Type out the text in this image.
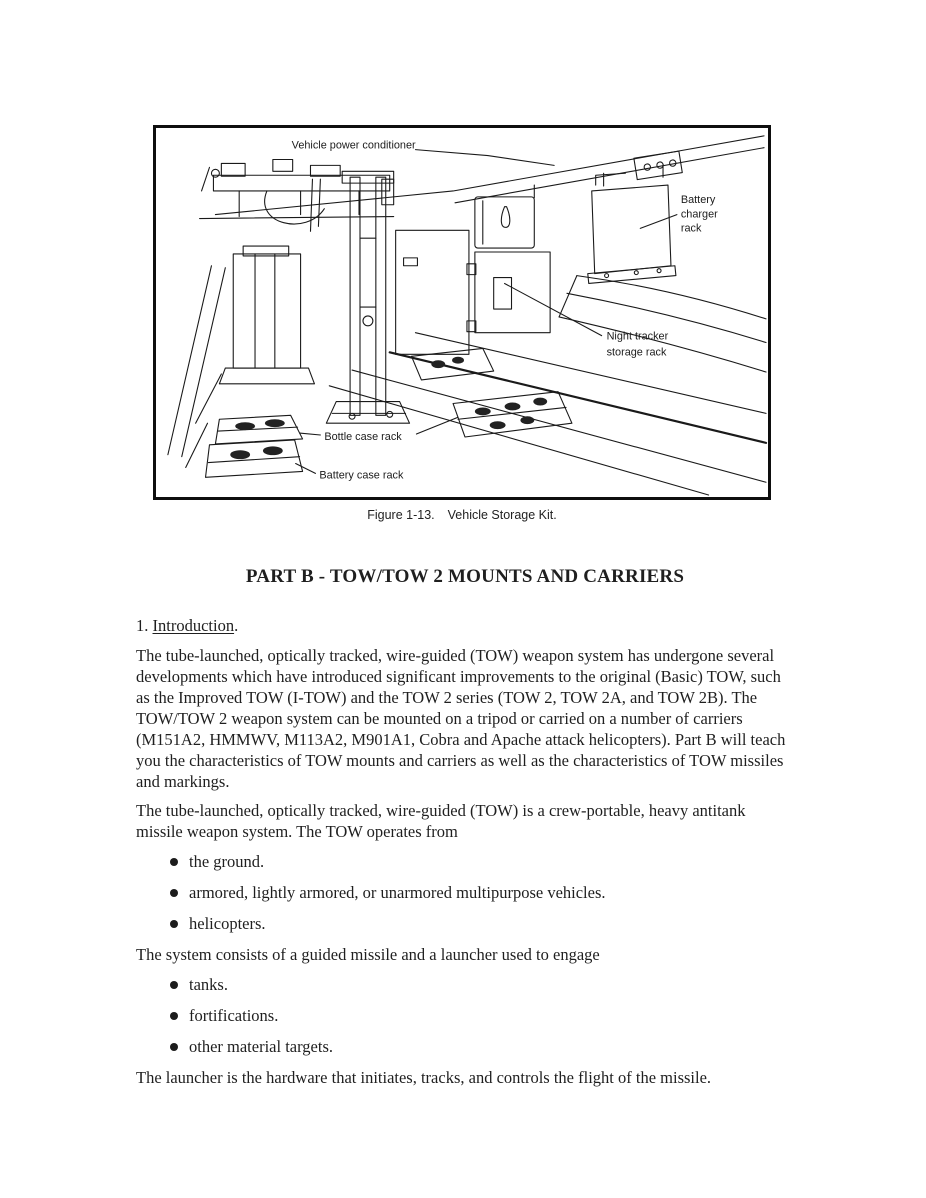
Vehicle power conditioner
Battery
charger
rack
Night tracker
storage rack
Bottle case rack
Battery case rack
Figure 1-13. Vehicle Storage Kit.
PART B - TOW/TOW 2 MOUNTS AND CARRIERS

1. Introduction.

The tube-launched, optically tracked, wire-guided (TOW) weapon system has undergone several developments which have introduced significant improvements to the original (Basic) TOW, such as the Improved TOW (I-TOW) and the TOW 2 series (TOW 2, TOW 2A, and TOW 2B). The TOW/TOW 2 weapon system can be mounted on a tripod or carried on a number of carriers (M151A2, HMMWV, M113A2, M901A1, Cobra and Apache attack helicopters). Part B will teach you the characteristics of TOW mounts and carriers as well as the characteristics of TOW missiles and markings.

The tube-launched, optically tracked, wire-guided (TOW) is a crew-portable, heavy antitank missile weapon system. The TOW operates from

the ground.
armored, lightly armored, or unarmored multipurpose vehicles.
helicopters.

The system consists of a guided missile and a launcher used to engage

tanks.
fortifications.
other material targets.

The launcher is the hardware that initiates, tracks, and controls the flight of the missile.
